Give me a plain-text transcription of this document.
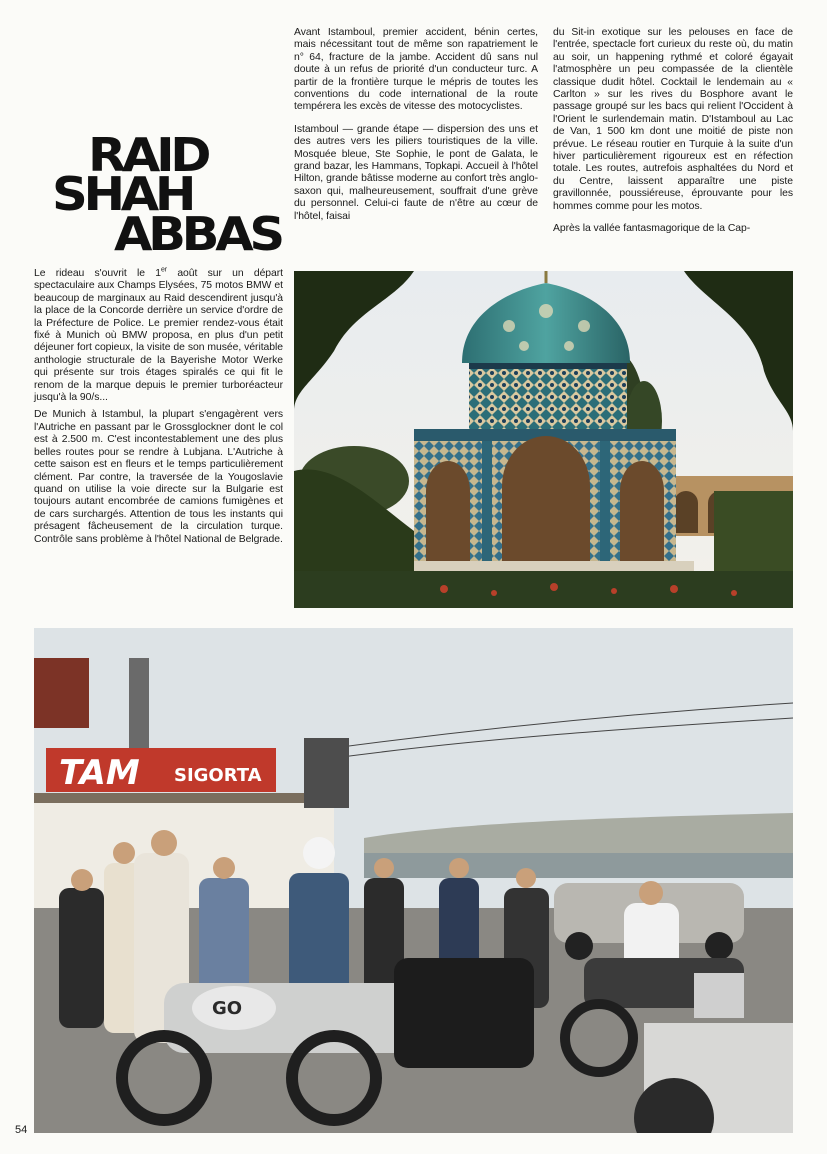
RAID
SHAH
ABBAS

Le rideau s'ouvrit le 1er août sur un départ spectaculaire aux Champs Elysées, 75 motos BMW et beaucoup de marginaux au Raid descendirent jusqu'à la place de la Concorde derrière un service d'ordre de la Préfecture de Police. Le premier rendez-vous était fixé à Munich où BMW proposa, en plus d'un petit déjeuner fort copieux, la visite de son musée, véritable anthologie structurale de la Bayerishe Motor Werke qui présente sur trois étages spiralés ce qui fit le renom de la marque depuis le premier turboréacteur jusqu'à la 90/s...

De Munich à Istambul, la plupart s'engagèrent vers l'Autriche en passant par le Grossglockner dont le col est à 2.500 m. C'est incontestablement une des plus belles routes pour se rendre à Lubjana. L'Autriche à cette saison est en fleurs et le temps particulièrement clément. Par contre, la traversée de la Yougoslavie quand on utilise la voie directe sur la Bulgarie est toujours autant encombrée de camions fumigènes et de cars surchargés. Attention de tous les instants qui présagent fâcheusement de la circulation turque. Contrôle sans problème à l'hôtel National de Belgrade.

Avant Istamboul, premier accident, bénin certes, mais nécessitant tout de même son rapatriement le n° 64, fracture de la jambe. Accident dû sans nul doute à un refus de priorité d'un conducteur turc. A partir de la frontière turque le mépris de toutes les conventions du code international de la route tempérera les excès de vitesse des motocyclistes.

Istamboul — grande étape — dispersion des uns et des autres vers les piliers touristiques de la ville. Mosquée bleue, Ste Sophie, le pont de Galata, le grand bazar, les Hammans, Topkapi. Accueil à l'hôtel Hilton, grande bâtisse moderne au confort très anglo-saxon qui, malheureusement, souffrait d'une grève du personnel. Celui-ci faute de n'être au cœur de l'hôtel, faisai

du Sit-in exotique sur les pelouses en face de l'entrée, spectacle fort curieux du reste où, du matin au soir, un happening rythmé et coloré égayait l'atmosphère un peu compassée de la clientèle classique dudit hôtel. Cocktail le lendemain au « Carlton » sur les rives du Bosphore avant le passage groupé sur les bacs qui relient l'Occident à l'Orient le surlendemain matin. D'Istamboul au Lac de Van, 1 500 km dont une moitié de piste non prévue. Le réseau routier en Turquie à la suite d'un hiver particulièrement rigoureux est en réfection totale. Les routes, autrefois asphaltées du Nord et du Centre, laissent apparaître une piste gravillonnée, poussiéreuse, éprouvante pour les hommes comme pour les motos.

Après la vallée fantasmagorique de la Cap-

TAM SIGORTA
GO
54
